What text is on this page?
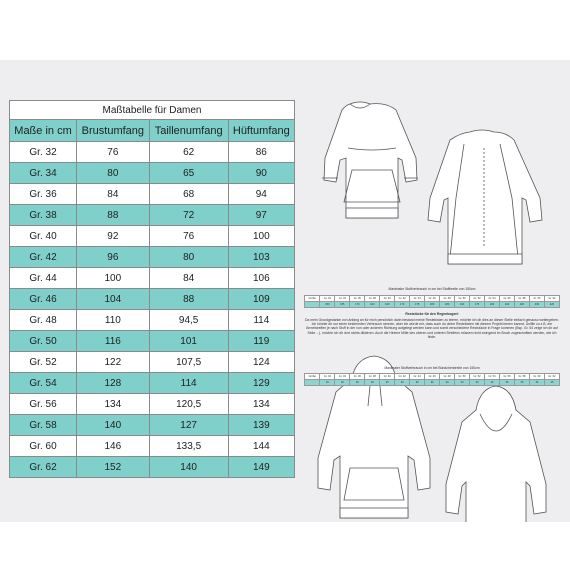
Maßtabelle für Damen			
Maße in cm	Brustumfang	Taillenumfang	Hüftumfang
Gr. 32	76	62	86
Gr. 34	80	65	90
Gr. 36	84	68	94
Gr. 38	88	72	97
Gr. 40	92	76	100
Gr. 42	96	80	103
Gr. 44	100	84	106
Gr. 46	104	88	109
Gr. 48	110	94,5	114
Gr. 50	116	101	119
Gr. 52	122	107,5	124
Gr. 54	128	114	129
Gr. 56	134	120,5	134
Gr. 58	140	127	139
Gr. 60	146	133,5	144
Gr. 62	152	140	149
Maximaler Stoffverbrauch in cm bei Stoffbreite von 150cm
Größe	Gr. 32	Gr. 34	Gr. 36	Gr. 38	Gr. 40	Gr. 42	Gr. 44	Gr. 46	Gr. 48	Gr. 50	Gr. 52	Gr. 54	Gr. 56	Gr. 58	Gr. 60	Gr. 62
	150	155	170	160	160	170	175	180	180	190	170	200	210	220	230	220
Reststücke für den Regenbogen!
Da mein Grundgedanke von Anfang an für mich persönlich darin bestand meine Restekisten zu leeren, möchte ich dir dies an dieser Stelle einfach genauso weitergeben. Ich könnte dir nur einen bestimmten Verbrauch nennen, aber ich würde mir, dass auch du deine Restekisten mit diesem Projekt leeren kannst. Unifile zu z.B. der Ärmelstreifen je nach Stoff in der von oder anderen Richtung aufgelegt werden kann und somit verschiedene Reststücke in Frage kommen (Bsp. Gr. 54 zeige ich dir auf Seite ...), möchte ich dir dort nichts diktieren. Auch die Hintere Mitte des oberen und unteren Streifens müssen nicht zwingend im Bruch zugeschnitten werden, wie ich finde.
Maximaler Stoffverbrauch in cm bei Bündchenbreite von 150cm
Größe	Gr. 32	Gr. 34	Gr. 36	Gr. 38	Gr. 40	Gr. 42	Gr. 44	Gr. 46	Gr. 48	Gr. 50	Gr. 52	Gr. 54	Gr. 56	Gr. 58	Gr. 60	Gr. 62
	30	30	30	30	30	30	30	30	30	30	30	30	35	35	35	35
